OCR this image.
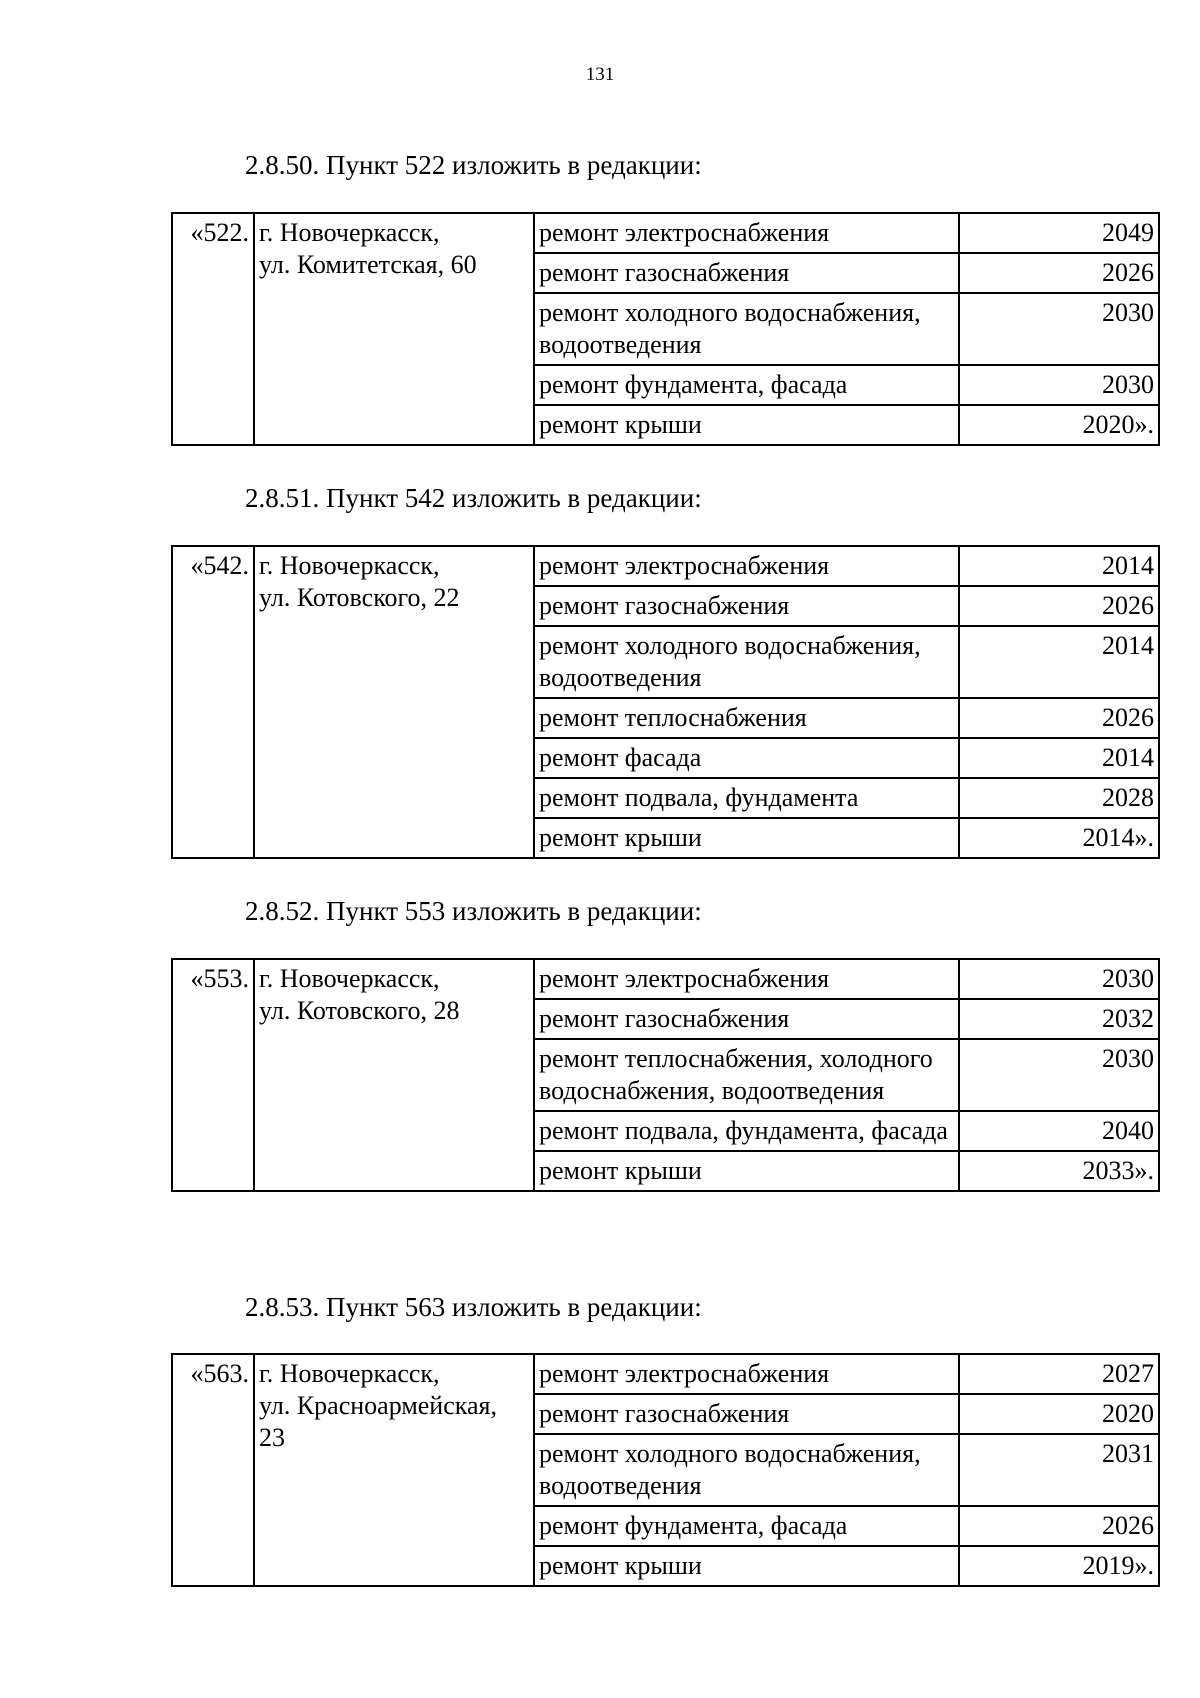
131
2.8.50. Пункт 522 изложить в редакции:
«522.	г. Новочеркасск,
ул. Комитетская, 60	ремонт электроснабжения	2049
		ремонт газоснабжения	2026
		ремонт холодного водоснабжения, водоотведения	2030
		ремонт фундамента, фасада	2030
		ремонт крыши	2020».
2.8.51. Пункт 542 изложить в редакции:
«542.	г. Новочеркасск,
ул. Котовского, 22	ремонт электроснабжения	2014
		ремонт газоснабжения	2026
		ремонт холодного водоснабжения, водоотведения	2014
		ремонт теплоснабжения	2026
		ремонт фасада	2014
		ремонт подвала, фундамента	2028
		ремонт крыши	2014».
2.8.52. Пункт 553 изложить в редакции:
«553.	г. Новочеркасск,
ул. Котовского, 28	ремонт электроснабжения	2030
		ремонт газоснабжения	2032
		ремонт теплоснабжения, холодного водоснабжения, водоотведения	2030
		ремонт подвала, фундамента, фасада	2040
		ремонт крыши	2033».
2.8.53. Пункт 563 изложить в редакции:
«563.	г. Новочеркасск,
ул. Красноармейская, 23	ремонт электроснабжения	2027
		ремонт газоснабжения	2020
		ремонт холодного водоснабжения, водоотведения	2031
		ремонт фундамента, фасада	2026
		ремонт крыши	2019».
